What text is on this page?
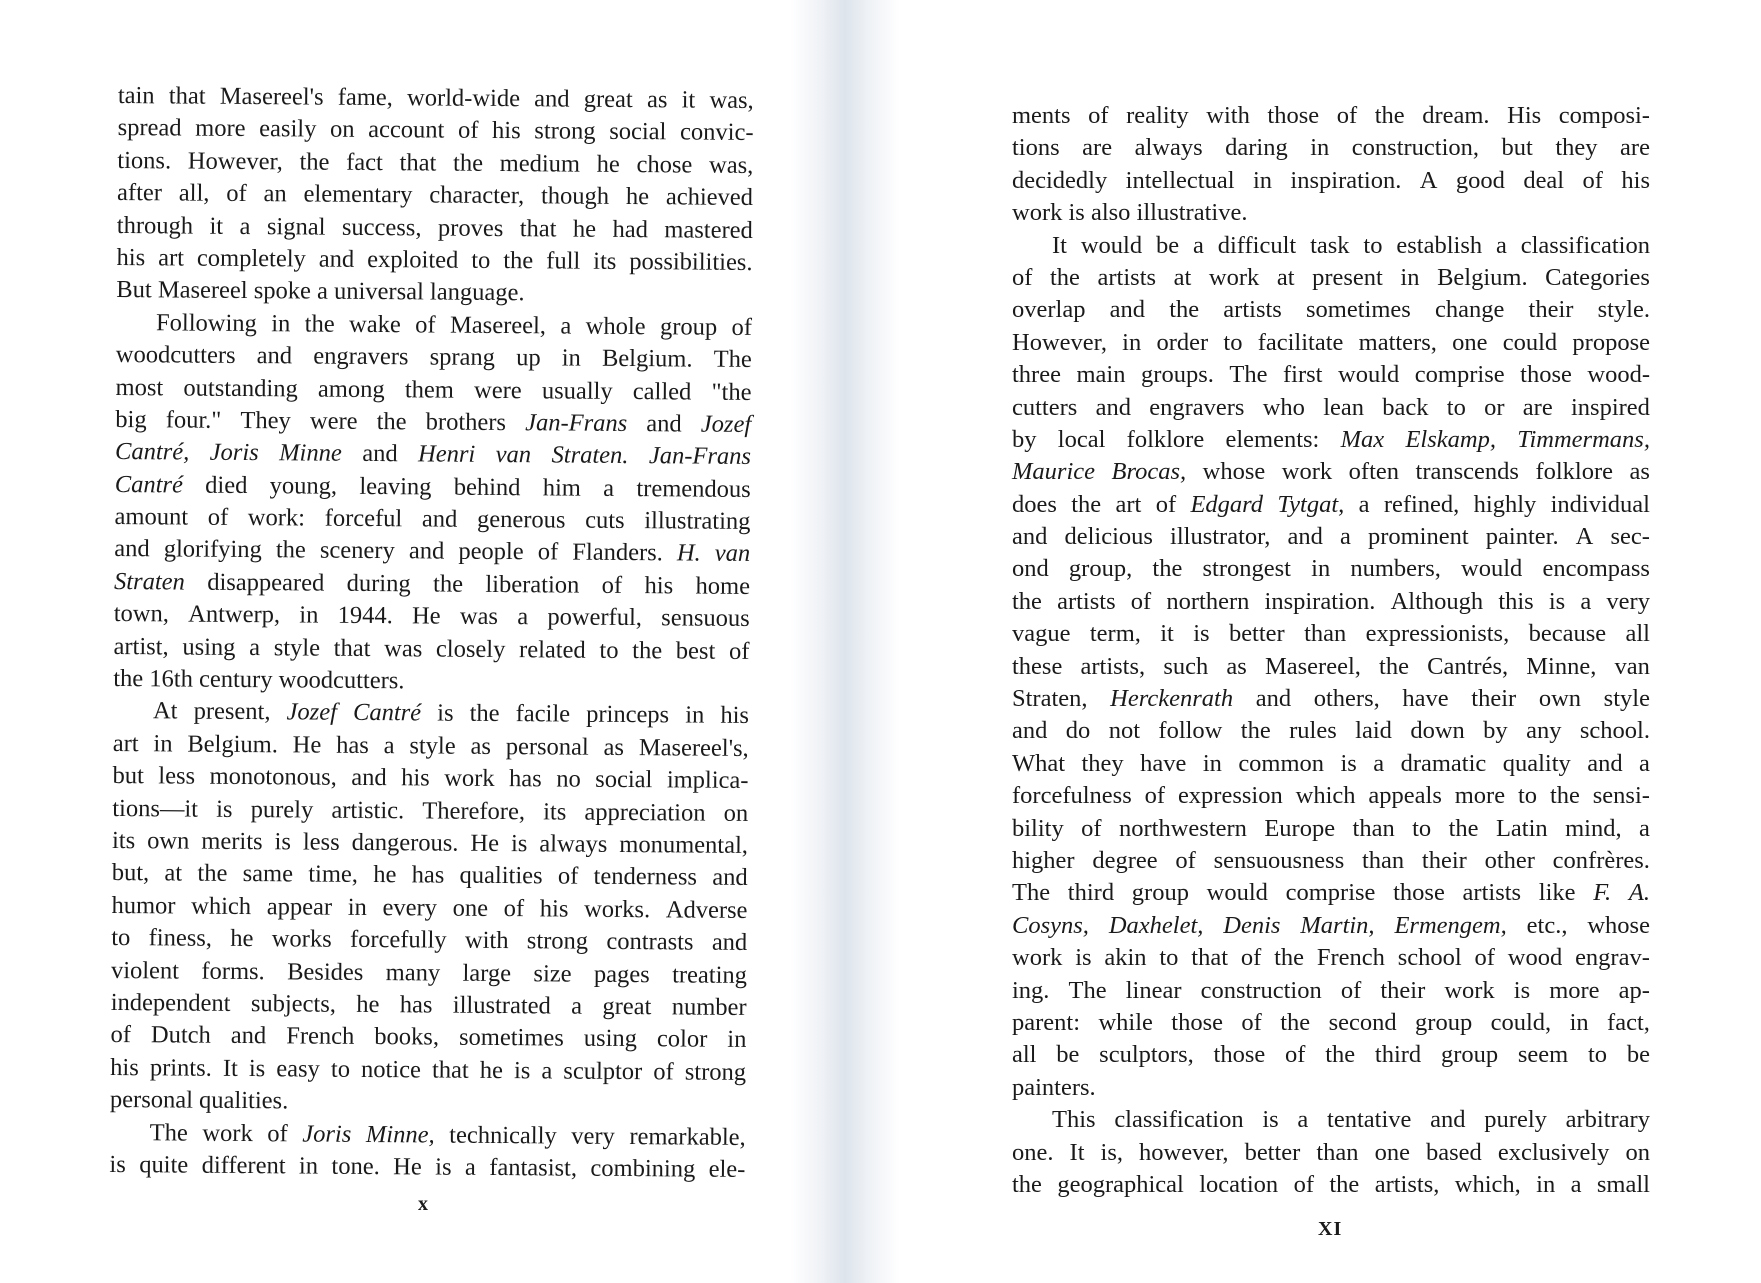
tain that Masereel's fame, world-wide and great as it was,
spread more easily on account of his strong social convic-
tions. However, the fact that the medium he chose was,
after all, of an elementary character, though he achieved
through it a signal success, proves that he had mastered
his art completely and exploited to the full its possibilities.
But Masereel spoke a universal language.
Following in the wake of Masereel, a whole group of
woodcutters and engravers sprang up in Belgium. The
most outstanding among them were usually called "the
big four." They were the brothers Jan-Frans and Jozef
Cantré, Joris Minne and Henri van Straten. Jan-Frans
Cantré died young, leaving behind him a tremendous
amount of work: forceful and generous cuts illustrating
and glorifying the scenery and people of Flanders. H. van
Straten disappeared during the liberation of his home
town, Antwerp, in 1944. He was a powerful, sensuous
artist, using a style that was closely related to the best of
the 16th century woodcutters.
At present, Jozef Cantré is the facile princeps in his
art in Belgium. He has a style as personal as Masereel's,
but less monotonous, and his work has no social implica-
tions—it is purely artistic. Therefore, its appreciation on
its own merits is less dangerous. He is always monumental,
but, at the same time, he has qualities of tenderness and
humor which appear in every one of his works. Adverse
to finess, he works forcefully with strong contrasts and
violent forms. Besides many large size pages treating
independent subjects, he has illustrated a great number
of Dutch and French books, sometimes using color in
his prints. It is easy to notice that he is a sculptor of strong
personal qualities.
The work of Joris Minne, technically very remarkable,
is quite different in tone. He is a fantasist, combining ele-
x
ments of reality with those of the dream. His composi-
tions are always daring in construction, but they are
decidedly intellectual in inspiration. A good deal of his
work is also illustrative.
It would be a difficult task to establish a classification
of the artists at work at present in Belgium. Categories
overlap and the artists sometimes change their style.
However, in order to facilitate matters, one could propose
three main groups. The first would comprise those wood-
cutters and engravers who lean back to or are inspired
by local folklore elements: Max Elskamp, Timmermans,
Maurice Brocas, whose work often transcends folklore as
does the art of Edgard Tytgat, a refined, highly individual
and delicious illustrator, and a prominent painter. A sec-
ond group, the strongest in numbers, would encompass
the artists of northern inspiration. Although this is a very
vague term, it is better than expressionists, because all
these artists, such as Masereel, the Cantrés, Minne, van
Straten, Herckenrath and others, have their own style
and do not follow the rules laid down by any school.
What they have in common is a dramatic quality and a
forcefulness of expression which appeals more to the sensi-
bility of northwestern Europe than to the Latin mind, a
higher degree of sensuousness than their other confrères.
The third group would comprise those artists like F. A.
Cosyns, Daxhelet, Denis Martin, Ermengem, etc., whose
work is akin to that of the French school of wood engrav-
ing. The linear construction of their work is more ap-
parent: while those of the second group could, in fact,
all be sculptors, those of the third group seem to be
painters.
This classification is a tentative and purely arbitrary
one. It is, however, better than one based exclusively on
the geographical location of the artists, which, in a small
XI
